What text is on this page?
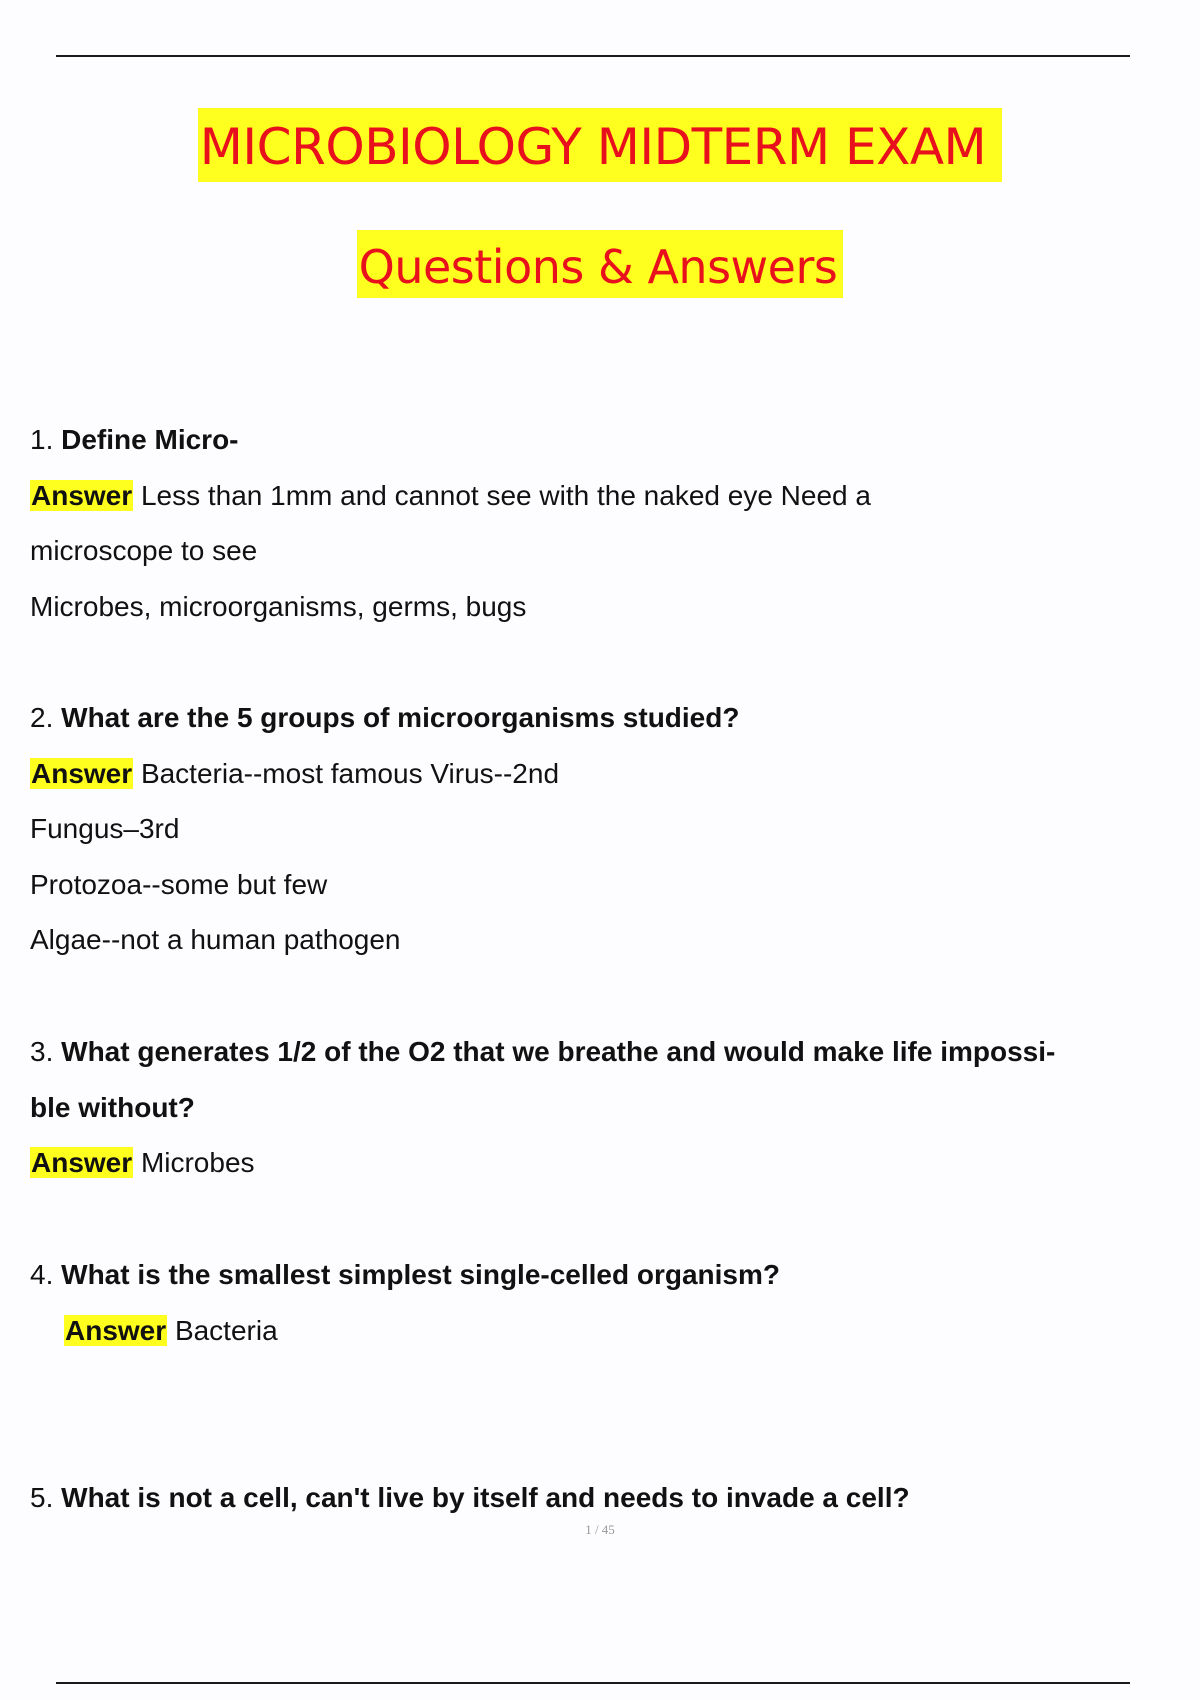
MICROBIOLOGY MIDTERM EXAM
Questions & Answers
1. Define Micro-
Answer Less than 1mm and cannot see with the naked eye Need a
microscope to see
Microbes, microorganisms, germs, bugs
2. What are the 5 groups of microorganisms studied?
Answer Bacteria--most famous Virus--2nd
Fungus–3rd
Protozoa--some but few
Algae--not a human pathogen
3. What generates 1/2 of the O2 that we breathe and would make life impossi-
ble without?
Answer Microbes
4. What is the smallest simplest single-celled organism?
Answer Bacteria
5. What is not a cell, can't live by itself and needs to invade a cell?
1 / 45
